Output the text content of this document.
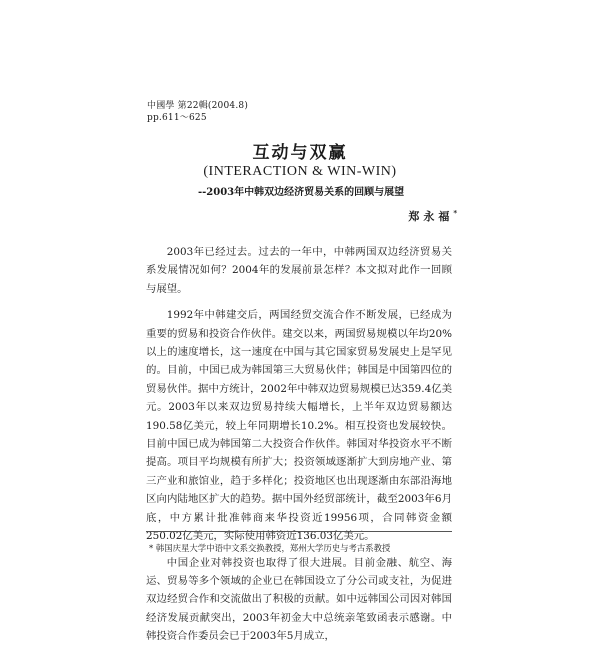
中國學 第22輯(2004.8)
pp.611～625
互动与双赢
(INTERACTION & WIN-WIN)
--2003年中韩双边经济贸易关系的回顾与展望
郑永福*

2003年已经过去。过去的一年中，中韩两国双边经济贸易关系发展情况如何？2004年的发展前景怎样？本文拟对此作一回顾与展望。

1992年中韩建交后，两国经贸交流合作不断发展，已经成为重要的贸易和投资合作伙伴。建交以来，两国贸易规模以年均20%以上的速度增长，这一速度在中国与其它国家贸易发展史上是罕见的。目前，中国已成为韩国第三大贸易伙伴；韩国是中国第四位的贸易伙伴。据中方统计，2002年中韩双边贸易规模已达359.4亿美元。2003年以来双边贸易持续大幅增长，上半年双边贸易额达190.58亿美元，较上年同期增长10.2%。相互投资也发展较快。目前中国已成为韩国第二大投资合作伙伴。韩国对华投资水平不断提高。项目平均规模有所扩大；投资领域逐渐扩大到房地产业、第三产业和旅馆业，趋于多样化；投资地区也出现逐渐由东部沿海地区向内陆地区扩大的趋势。据中国外经贸部统计，截至2003年6月底，中方累计批准韩商来华投资近19956项，合同韩资金额250.02亿美元，实际使用韩资近136.03亿美元。

中国企业对韩投资也取得了很大进展。目前金融、航空、海运、贸易等多个领域的企业已在韩国设立了分公司或支社，为促进双边经贸合作和交流做出了积极的贡献。如中远韩国公司因对韩国经济发展贡献突出，2003年初金大中总统亲笔致函表示感谢。中韩投资合作委员会已于2003年5月成立，

* 韩国庆星大学中语中文系交换教授，郑州大学历史与考古系教授
